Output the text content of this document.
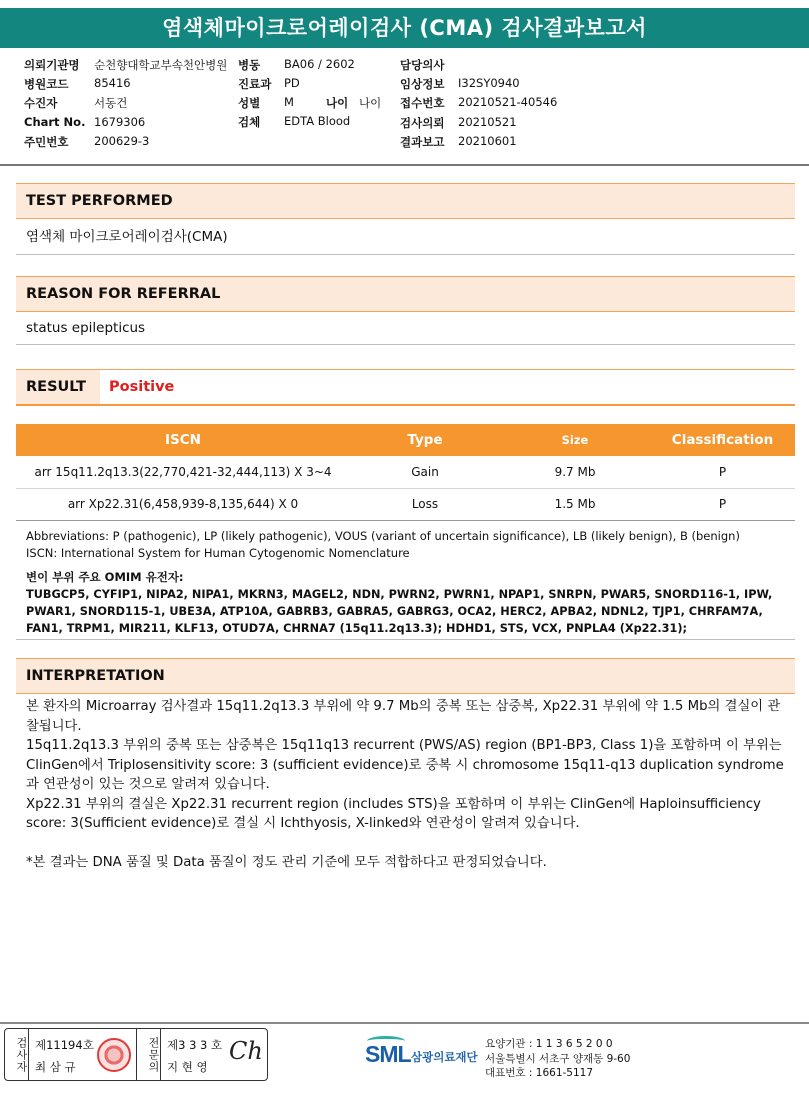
염색체마이크로어레이검사 (CMA) 검사결과보고서
의뢰기관명 순천향대학교부속천안병원 병동 BA06 / 2602	담당의사
병원코드 85416	진료과 PD	임상정보 I32SY0940
수진자	서동건	성별 M	나이 나이 접수번호 20210521-40546
Chart No. 1679306	검체 EDTA Blood	검사의뢰 20210521
주민번호 200629-3	결과보고 20210601
TEST PERFORMED
염색체 마이크로어레이검사(CMA)
REASON FOR REFERRAL
status epilepticus
RESULT	Positive
ISCN	Type	Size	Classification
arr 15q11.2q13.3(22,770,421-32,444,113) X 3~4	Gain	9.7 Mb	P
arr Xp22.31(6,458,939-8,135,644) X 0	Loss	1.5 Mb	P
Abbreviations: P (pathogenic), LP (likely pathogenic), VOUS (variant of uncertain significance), LB (likely benign), B (benign)
ISCN: International System for Human Cytogenomic Nomenclature
변이 부위 주요 OMIM 유전자:
TUBGCP5, CYFIP1, NIPA2, NIPA1, MKRN3, MAGEL2, NDN, PWRN2, PWRN1, NPAP1, SNRPN, PWAR5, SNORD116-1, IPW, PWAR1, SNORD115-1, UBE3A, ATP10A, GABRB3, GABRA5, GABRG3, OCA2, HERC2, APBA2, NDNL2, TJP1, CHRFAM7A, FAN1, TRPM1, MIR211, KLF13, OTUD7A, CHRNA7 (15q11.2q13.3); HDHD1, STS, VCX, PNPLA4 (Xp22.31);
INTERPRETATION

본 환자의 Microarray 검사결과 15q11.2q13.3 부위에 약 9.7 Mb의 중복 또는 삼중복, Xp22.31 부위에 약 1.5 Mb의 결실이 관찰됩니다.

15q11.2q13.3 부위의 중복 또는 삼중복은 15q11q13 recurrent (PWS/AS) region (BP1-BP3, Class 1)을 포함하며 이 부위는 ClinGen에서 Triplosensitivity score: 3 (sufficient evidence)로 중복 시 chromosome 15q11-q13 duplication syndrome과 연관성이 있는 것으로 알려져 있습니다.

Xp22.31 부위의 결실은 Xp22.31 recurrent region (includes STS)을 포함하며 이 부위는 ClinGen에 Haploinsufficiency score: 3(Sufficient evidence)로 결실 시 Ichthyosis, X-linked와 연관성이 알려져 있습니다.

*본 결과는 DNA 품질 및 Data 품질이 정도 관리 기준에 모두 적합하다고 판정되었습니다.

검사자 제11194호
최 삼 규	전문의 제3 3 3 호
지 현 영
Ch	SML 삼광의료재단
요양기관 : 1 1 3 6 5 2 0 0
서울특별시 서초구 양재동 9-60
대표번호 : 1661-5117
